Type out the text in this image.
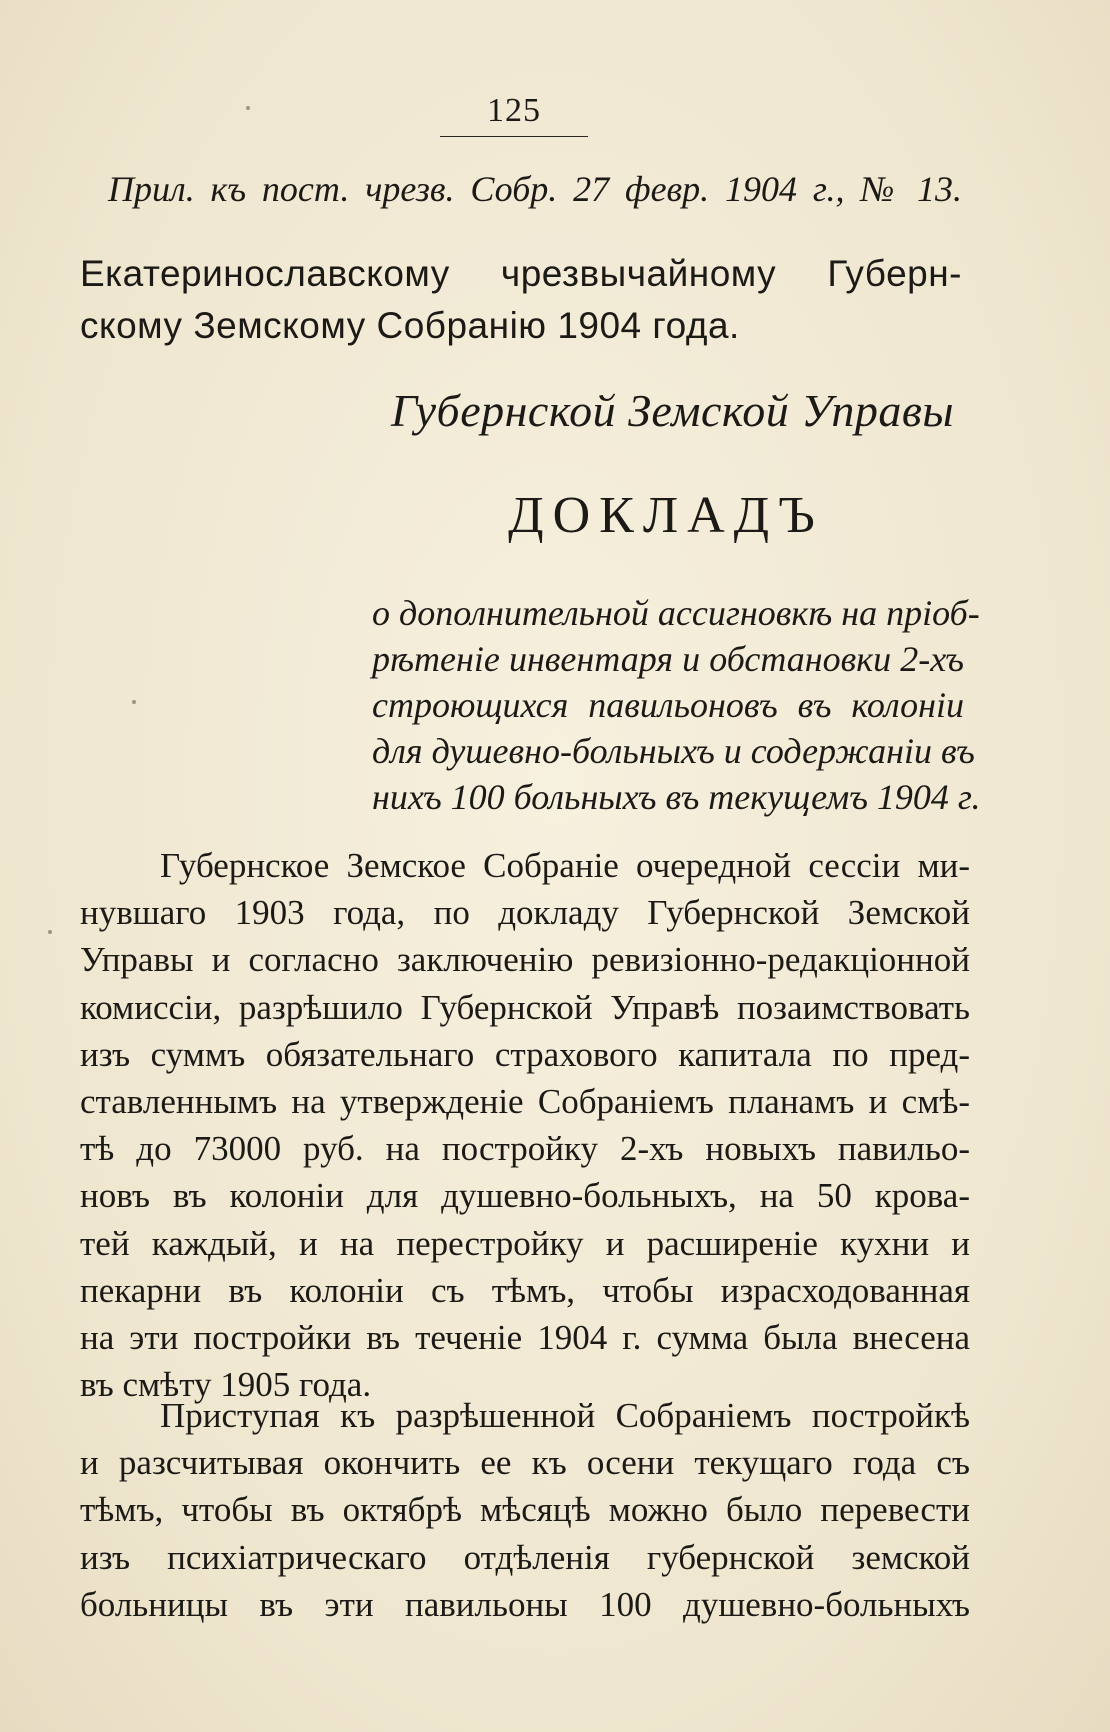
125
Прил. къ пост. чрезв. Собр. 27 февр. 1904 г., № 13.
Екатеринославскому чрезвычайному Губерн-
скому Земскому Собранію 1904 года.
Губернской Земской Управы
ДОКЛАДЪ
о дополнительной ассигновкѣ на пріоб-
рѣтеніе инвентаря и обстановки 2-хъ
строющихся павильоновъ въ колоніи
для душевно-больныхъ и содержаніи въ
нихъ 100 больныхъ въ текущемъ 1904 г.
Губернское Земское Собраніе очередной сессіи ми-
нувшаго 1903 года, по докладу Губернской Земской
Управы и согласно заключенію ревизіонно-редакціонной
комиссіи, разрѣшило Губернской Управѣ позаимствовать
изъ суммъ обязательнаго страхового капитала по пред-
ставленнымъ на утвержденіе Собраніемъ планамъ и смѣ-
тѣ до 73000 руб. на постройку 2-хъ новыхъ павильо-
новъ въ колоніи для душевно-больныхъ, на 50 крова-
тей каждый, и на перестройку и расширеніе кухни и
пекарни въ колоніи съ тѣмъ, чтобы израсходованная
на эти постройки въ теченіе 1904 г. сумма была внесена
въ смѣту 1905 года.
Приступая къ разрѣшенной Собраніемъ постройкѣ
и разсчитывая окончить ее къ осени текущаго года съ
тѣмъ, чтобы въ октябрѣ мѣсяцѣ можно было перевести
изъ психіатрическаго отдѣленія губернской земской
больницы въ эти павильоны 100 душевно-больныхъ
